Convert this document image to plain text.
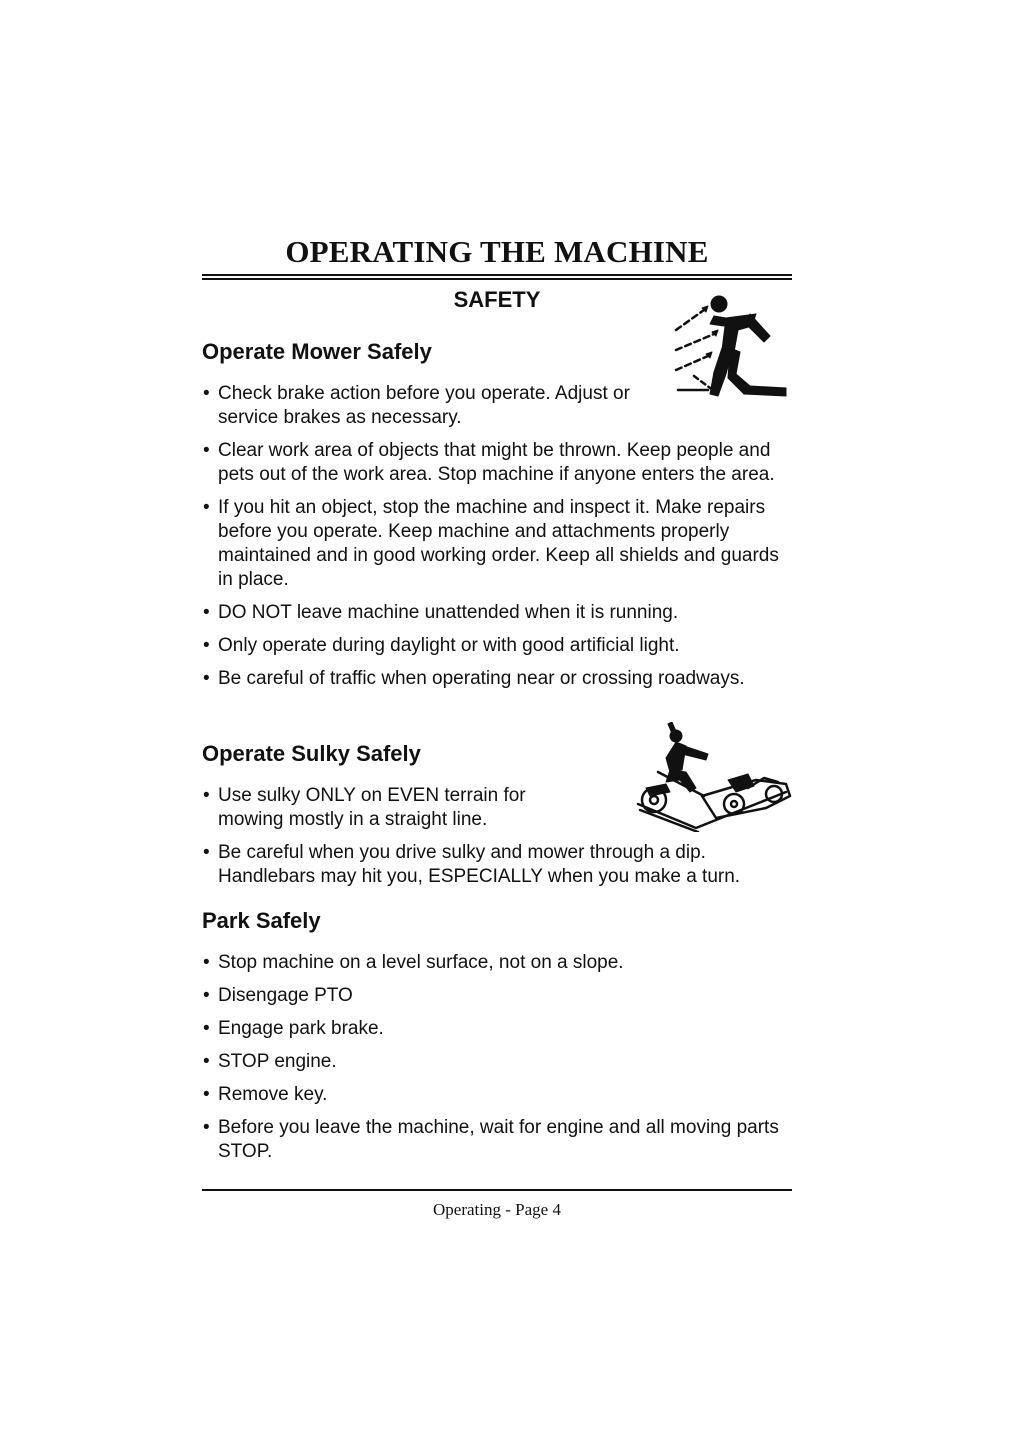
OPERATING THE MACHINE
SAFETY
Operate Mower Safely
• Check brake action before you operate. Adjust or service brakes as necessary.
• Clear work area of objects that might be thrown. Keep people and pets out of the work area. Stop machine if anyone enters the area.
• If you hit an object, stop the machine and inspect it. Make repairs before you operate. Keep machine and attachments properly maintained and in good working order. Keep all shields and guards in place.
• DO NOT leave machine unattended when it is running.
• Only operate during daylight or with good artificial light.
• Be careful of traffic when operating near or crossing roadways.
Operate Sulky Safely
• Use sulky ONLY on EVEN terrain for mowing mostly in a straight line.
• Be careful when you drive sulky and mower through a dip. Handlebars may hit you, ESPECIALLY when you make a turn.
Park Safely
• Stop machine on a level surface, not on a slope.
• Disengage PTO
• Engage park brake.
• STOP engine.
• Remove key.
• Before you leave the machine, wait for engine and all moving parts STOP.
Operating - Page 4
